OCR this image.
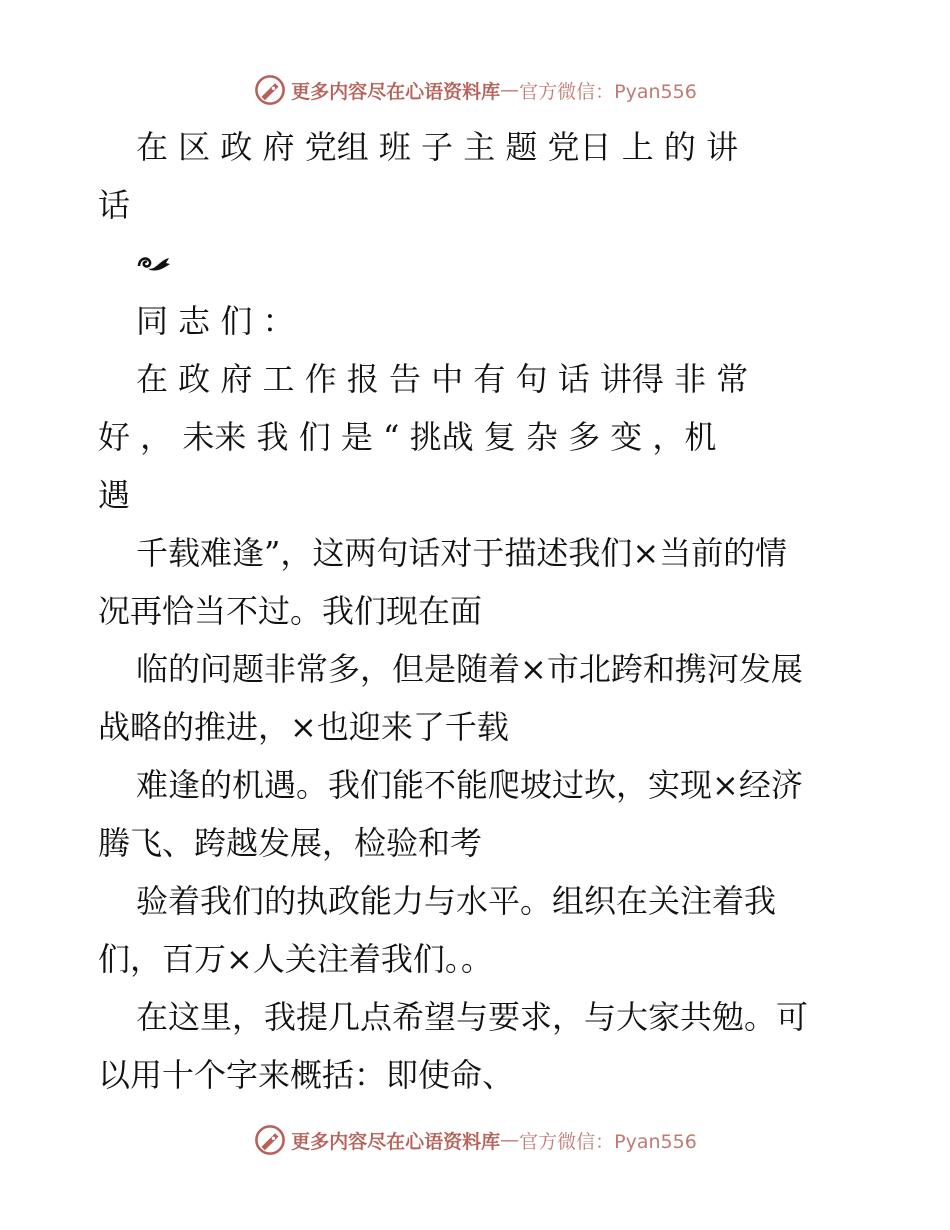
更多内容尽在心语资料库 — 官方微信：Pyan556
在 区 政 府 党组 班 子 主 题 党日 上 的 讲
话
同 志 们 ：
在 政 府 工 作 报 告 中 有 句 话 讲得 非 常
好 ， 未来 我 们 是 “ 挑战 复 杂 多 变 ，机
遇
千载难逢”，这两句话对于描述我们×当前的情
况再恰当不过。我们现在面
临的问题非常多，但是随着×市北跨和携河发展
战略的推进，×也迎来了千载
难逢的机遇。我们能不能爬坡过坎，实现×经济
腾飞、跨越发展，检验和考
验着我们的执政能力与水平。组织在关注着我
们，百万×人关注着我们。。
在这里，我提几点希望与要求，与大家共勉。可
以用十个字来概括：即使命、
更多内容尽在心语资料库 — 官方微信：Pyan556
